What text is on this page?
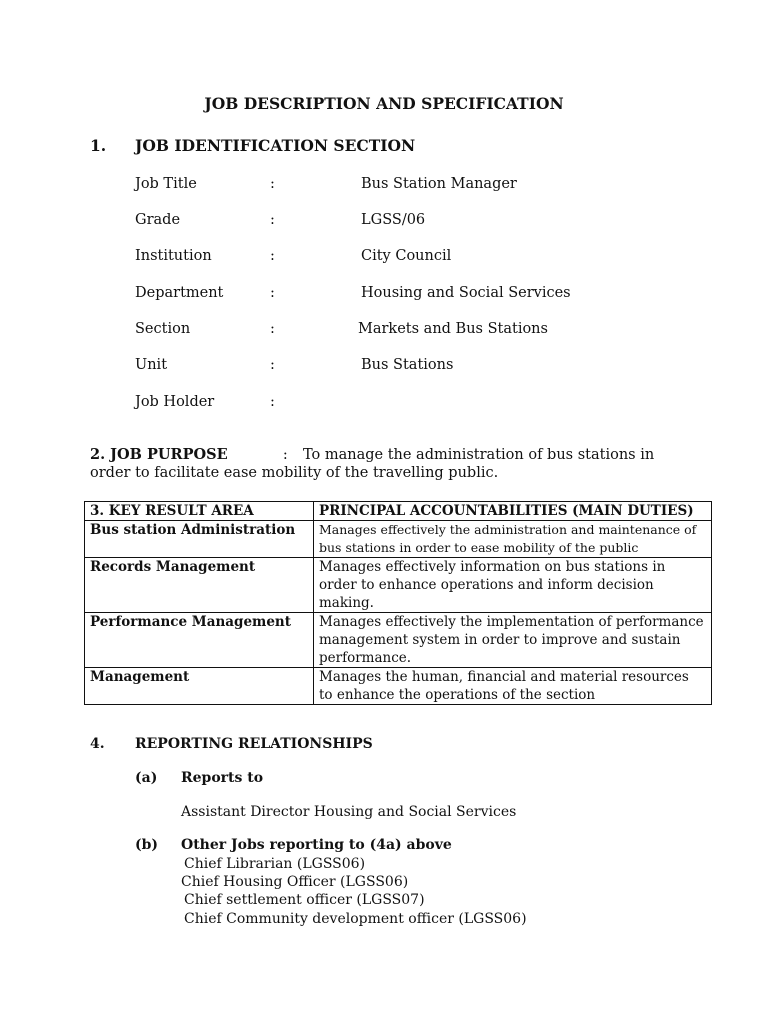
JOB DESCRIPTION AND SPECIFICATION
1. JOB IDENTIFICATION SECTION
Job Title	:	Bus Station Manager
Grade	:	LGSS/06
Institution	:	City Council
Department	:	Housing and Social Services
Section	:	Markets and Bus Stations
Unit	:	Bus Stations
Job Holder	:
2. JOB PURPOSE	: To manage the administration of bus stations in order to facilitate ease mobility of the travelling public.
3. KEY RESULT AREA	PRINCIPAL ACCOUNTABILITIES (MAIN DUTIES)
Bus station Administration	Manages effectively the administration and maintenance of bus stations in order to ease mobility of the public
Records Management	Manages effectively information on bus stations in order to enhance operations and inform decision making.
Performance Management	Manages effectively the implementation of performance management system in order to improve and sustain performance.
Management	Manages the human, financial and material resources to enhance the operations of the section
4. REPORTING RELATIONSHIPS
(a) Reports to
Assistant Director Housing and Social Services
(b) Other Jobs reporting to (4a) above
Chief Librarian (LGSS06)
Chief Housing Officer (LGSS06)
Chief settlement officer (LGSS07)
Chief Community development officer (LGSS06)
